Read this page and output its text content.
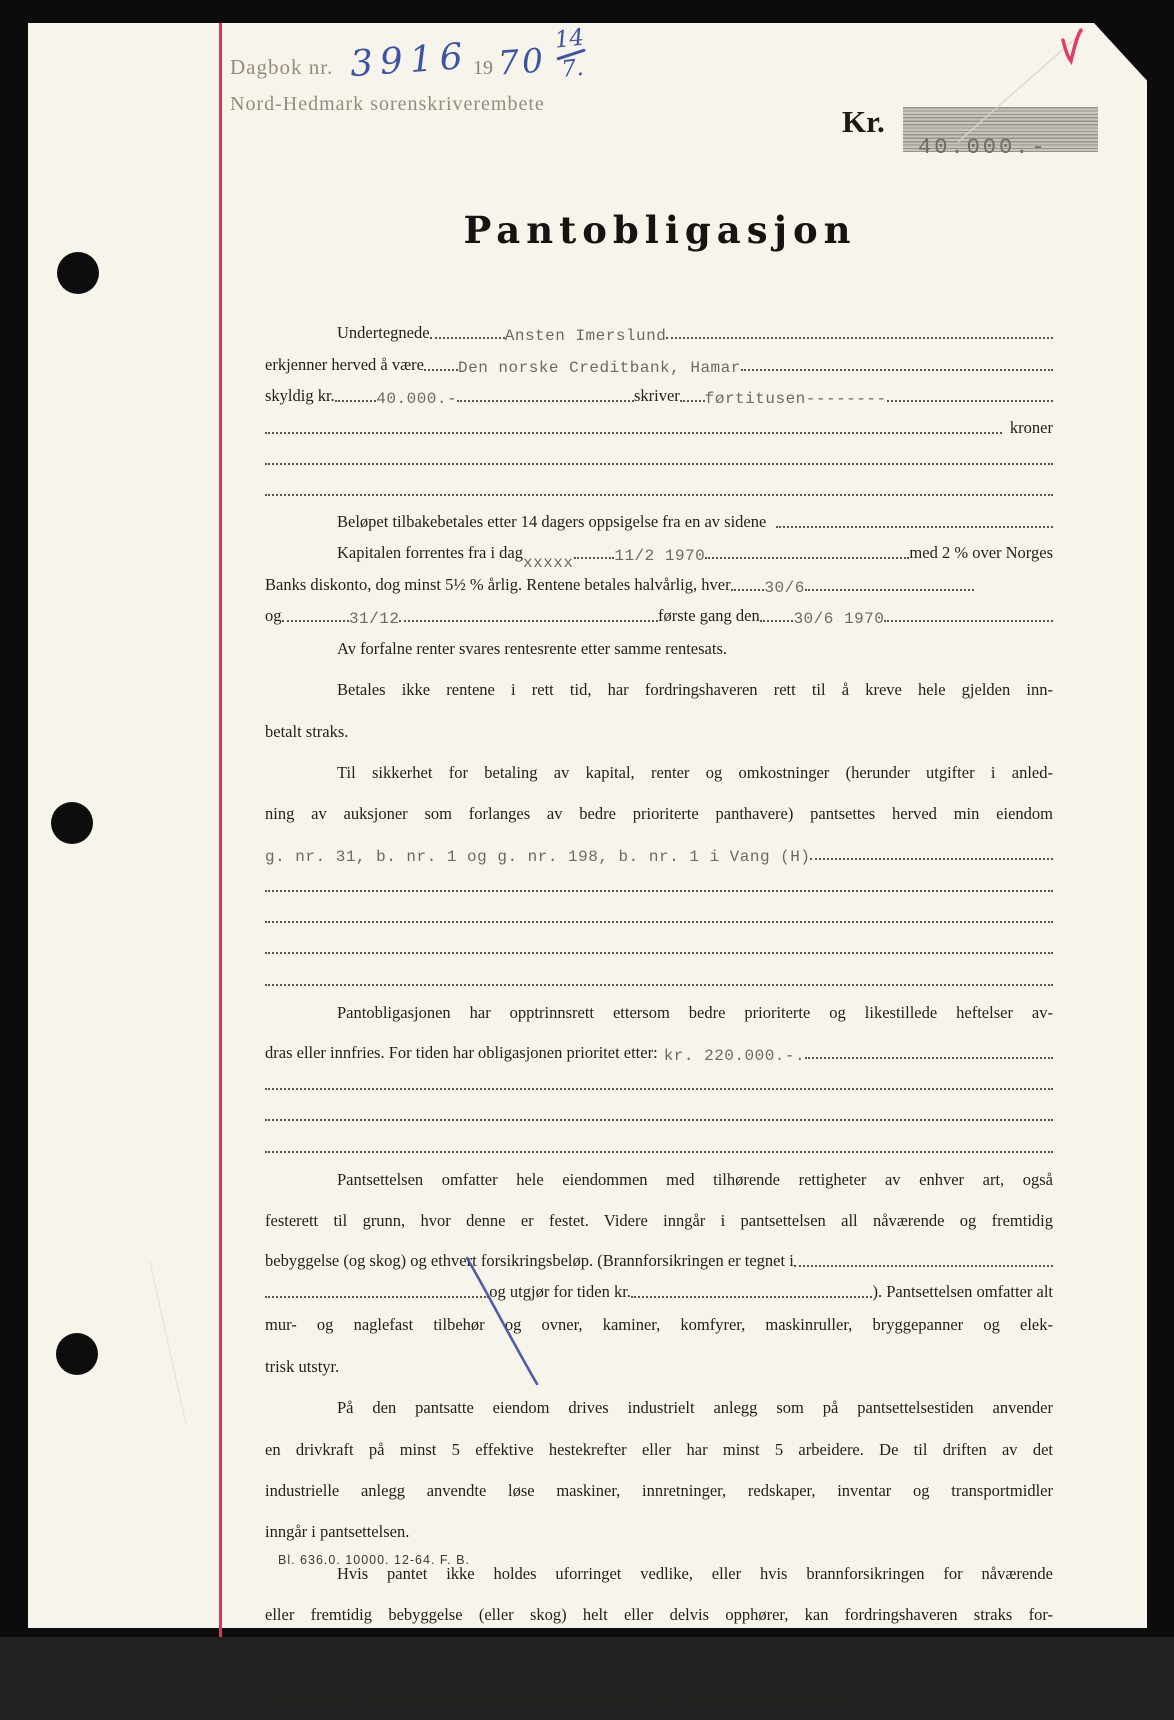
Dagbok nr. 3916 19 70
14
7.
Nord-Hedmark sorenskriverembete	Kr.
40.000.-
Pantobligasjon
Undertegnede	Ansten Imerslund
erkjenner herved å være Den norske Creditbank, Hamar
skyldig kr.	40.000.-	skriver førtitusen--------
kroner
Beløpet tilbakebetales etter 14 dagers oppsigelse fra en av sidene
Kapitalen forrentes fra i dag
xxxxx	11/2 1970	med 2 % over Norges
Banks diskonto, dog minst 5½ % årlig. Rentene betales halvårlig, hver 30/6
og	31/12	første gang den 30/6 1970
Av forfalne renter svares rentesrente etter samme rentesats.
Betales ikke rentene i rett tid, har fordringshaveren rett til å kreve hele gjelden inn-
betalt straks.
Til sikkerhet for betaling av kapital, renter og omkostninger (herunder utgifter i anled-
ning av auksjoner som forlanges av bedre prioriterte panthavere) pantsettes herved min eiendom
g. nr. 31, b. nr. 1 og g. nr. 198, b. nr. 1 i Vang (H)
Pantobligasjonen har opptrinnsrett ettersom bedre prioriterte og likestillede heftelser av-
dras eller innfries. For tiden har obligasjonen prioritet etter: kr. 220.000.-.
Pantsettelsen omfatter hele eiendommen med tilhørende rettigheter av enhver art, også
festerett til grunn, hvor denne er festet. Videre inngår i pantsettelsen all nåværende og fremtidig
bebyggelse (og skog) og ethvert forsikringsbeløp. (Brannforsikringen er tegnet i
og utgjør for tiden kr.	). Pantsettelsen omfatter alt
mur- og naglefast tilbehør og ovner, kaminer, komfyrer, maskinruller, bryggepanner og elek-
trisk utstyr.
På den pantsatte eiendom drives industrielt anlegg som på pantsettelsestiden anvender
en drivkraft på minst 5 effektive hestekrefter eller har minst 5 arbeidere. De til driften av det
industrielle anlegg anvendte løse maskiner, innretninger, redskaper, inventar og transportmidler
inngår i pantsettelsen.
Hvis pantet ikke holdes uforringet vedlike, eller hvis brannforsikringen for nåværende
eller fremtidig bebyggelse (eller skog) helt eller delvis opphører, kan fordringshaveren straks for-
lange hele gjelden innfridd uten oppsigelse. Det samme gjelder hvis en bedre prioritert fordring
misligholdes, så det avholdes eller tillyses tvangsauksjon over pantet eller noen del av det.
Bl. 636.0. 10000. 12-64. F. B.
